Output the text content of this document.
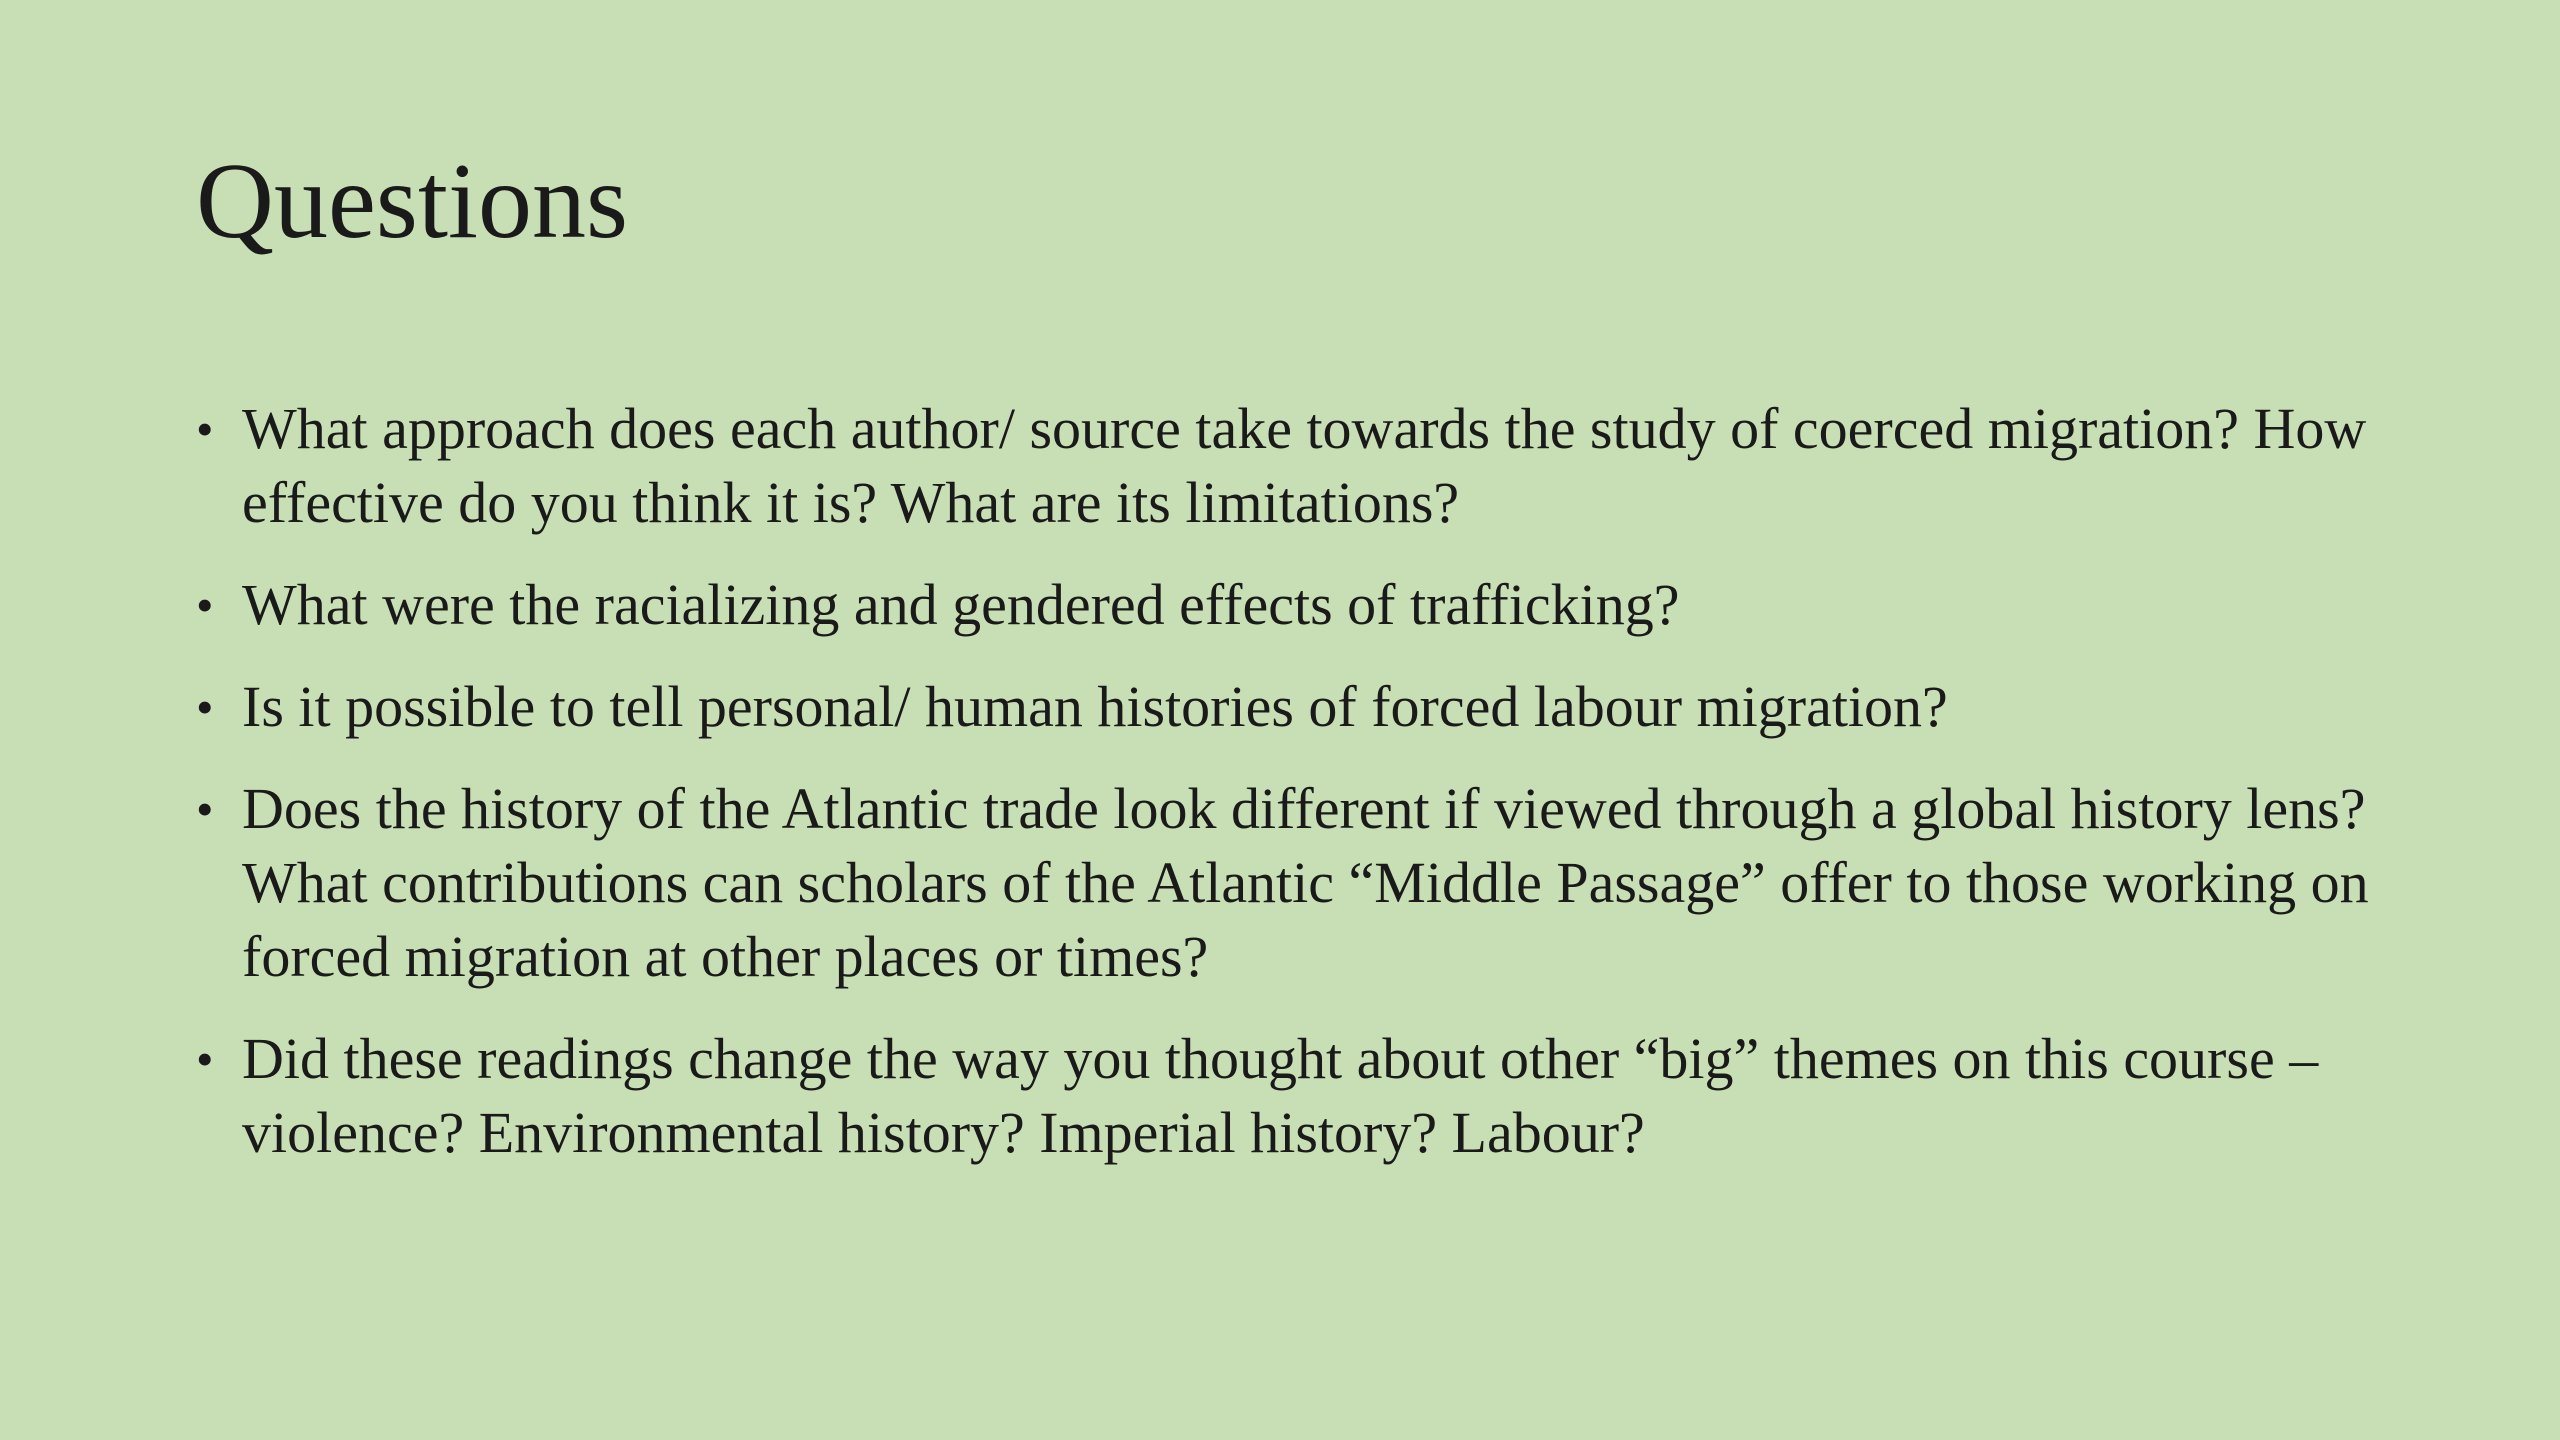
Questions
• What approach does each author/ source take towards the study of coerced migration? How effective do you think it is? What are its limitations?
• What were the racializing and gendered effects of trafficking?
• Is it possible to tell personal/ human histories of forced labour migration?
• Does the history of the Atlantic trade look different if viewed through a global history lens? What contributions can scholars of the Atlantic “Middle Passage” offer to those working on forced migration at other places or times?
• Did these readings change the way you thought about other “big” themes on this course – violence? Environmental history? Imperial history? Labour?
